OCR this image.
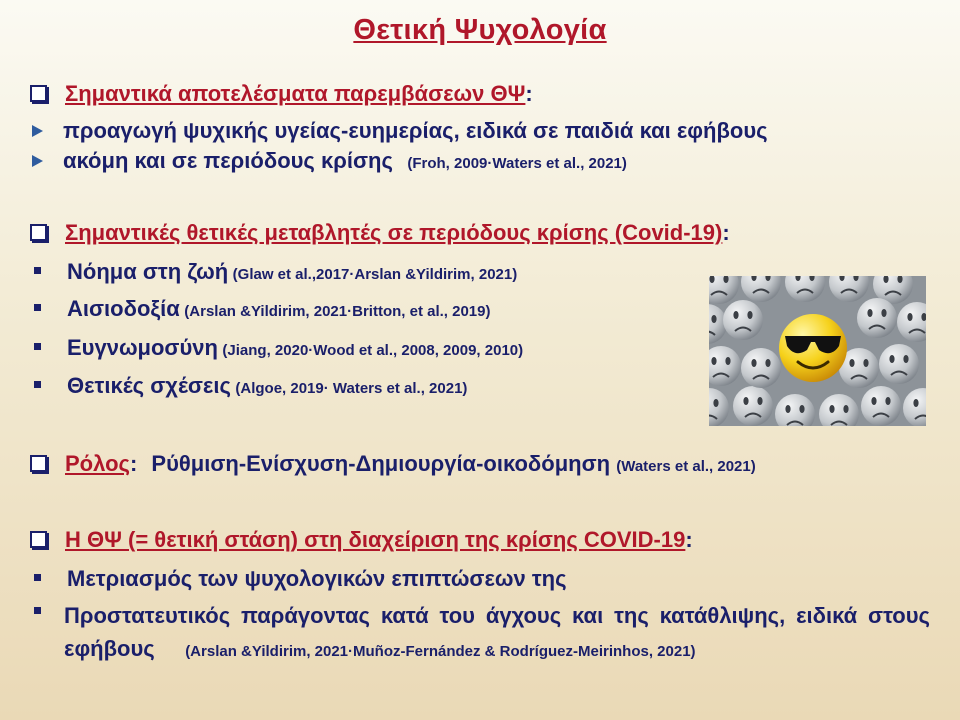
Θετική Ψυχολογία
Σημαντικά αποτελέσματα παρεμβάσεων ΘΨ:
προαγωγή ψυχικής υγείας-ευημερίας, ειδικά σε παιδιά και εφήβους
ακόμη και σε περιόδους κρίσης (Froh, 2009·Waters et al., 2021)
Σημαντικές θετικές μεταβλητές σε περιόδους κρίσης (Covid-19):
Νόημα στη ζωή (Glaw et al.,2017·Arslan &Yildirim, 2021)
Αισιοδοξία (Arslan &Yildirim, 2021·Britton, et al., 2019)
Ευγνωμοσύνη (Jiang, 2020·Wood et al., 2008, 2009, 2010)
Θετικές σχέσεις (Algoe, 2019· Waters et al., 2021)
Ρόλος: Ρύθμιση-Ενίσχυση-Δημιουργία-οικοδόμηση (Waters et al., 2021)
Η ΘΨ (= θετική στάση) στη διαχείριση της κρίσης COVID-19:
Μετριασμός των ψυχολογικών επιπτώσεων της
Προστατευτικός παράγοντας κατά του άγχους και της κατάθλιψης, ειδικά στους εφήβους (Arslan &Yildirim, 2021·Muñoz-Fernández & Rodríguez-Meirinhos, 2021)
